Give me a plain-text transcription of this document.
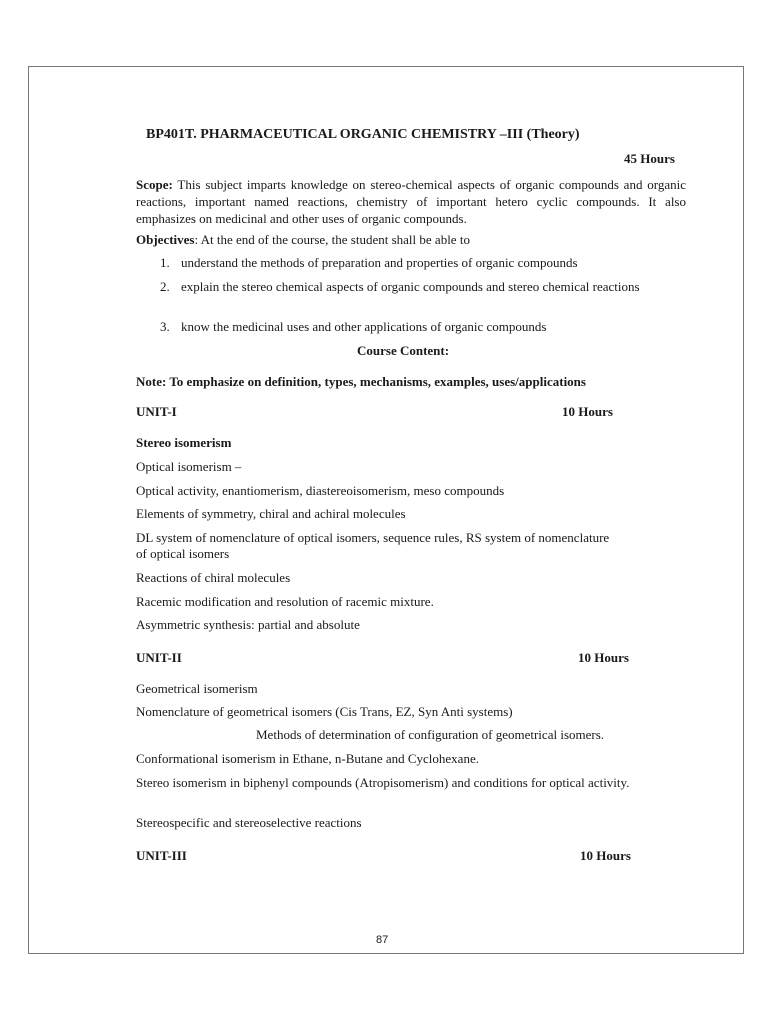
BP401T. PHARMACEUTICAL ORGANIC CHEMISTRY –III (Theory)

45 Hours

Scope: This subject imparts knowledge on stereo-chemical aspects of organic compounds and organic reactions, important named reactions, chemistry of important hetero cyclic compounds. It also emphasizes on medicinal and other uses of organic compounds.

Objectives: At the end of the course, the student shall be able to

1. understand the methods of preparation and properties of organic compounds

2. explain the stereo chemical aspects of organic compounds and stereo chemical reactions

3. know the medicinal uses and other applications of organic compounds

Course Content:

Note: To emphasize on definition, types, mechanisms, examples, uses/applications

UNIT-I	10 Hours

Stereo isomerism

Optical isomerism –

Optical activity, enantiomerism, diastereoisomerism, meso compounds

Elements of symmetry, chiral and achiral molecules

DL system of nomenclature of optical isomers, sequence rules, RS system of nomenclature of optical isomers

Reactions of chiral molecules

Racemic modification and resolution of racemic mixture.

Asymmetric synthesis: partial and absolute

UNIT-II	10 Hours

Geometrical isomerism

Nomenclature of geometrical isomers (Cis Trans, EZ, Syn Anti systems)

Methods of determination of configuration of geometrical isomers.

Conformational isomerism in Ethane, n-Butane and Cyclohexane.

Stereo isomerism in biphenyl compounds (Atropisomerism) and conditions for optical activity.

Stereospecific and stereoselective reactions

UNIT-III	10 Hours

87
